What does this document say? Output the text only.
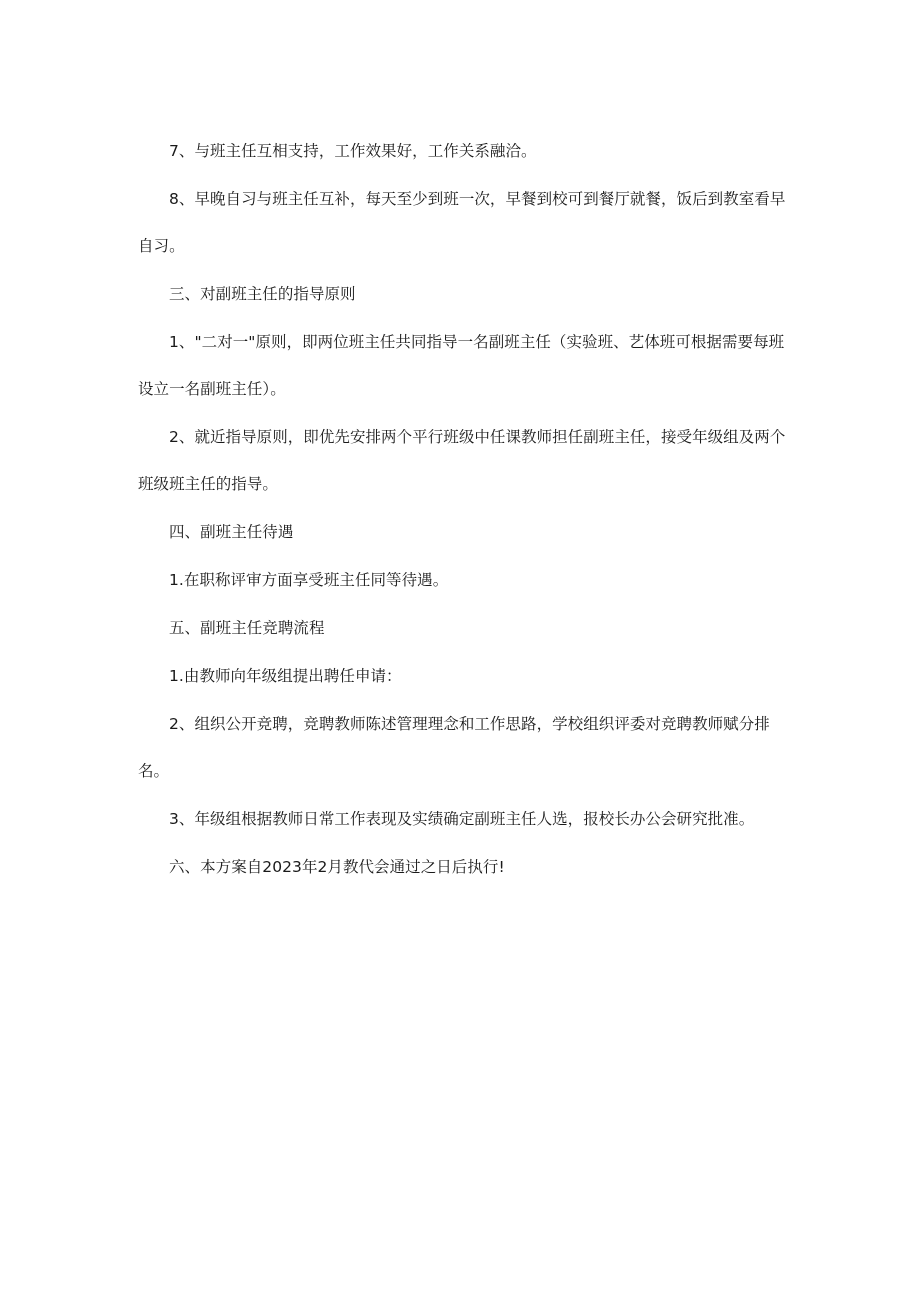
7、与班主任互相支持，工作效果好，工作关系融洽。

8、早晚自习与班主任互补，每天至少到班一次，早餐到校可到餐厅就餐，饭后到教室看早自习。

三、对副班主任的指导原则

1、"二对一"原则，即两位班主任共同指导一名副班主任（实验班、艺体班可根据需要每班设立一名副班主任）。

2、就近指导原则，即优先安排两个平行班级中任课教师担任副班主任，接受年级组及两个班级班主任的指导。

四、副班主任待遇

1.在职称评审方面享受班主任同等待遇。

五、副班主任竞聘流程

1.由教师向年级组提出聘任申请：

2、组织公开竞聘，竞聘教师陈述管理理念和工作思路，学校组织评委对竞聘教师赋分排名。

3、年级组根据教师日常工作表现及实绩确定副班主任人选，报校长办公会研究批准。

六、本方案自2023年2月教代会通过之日后执行!
